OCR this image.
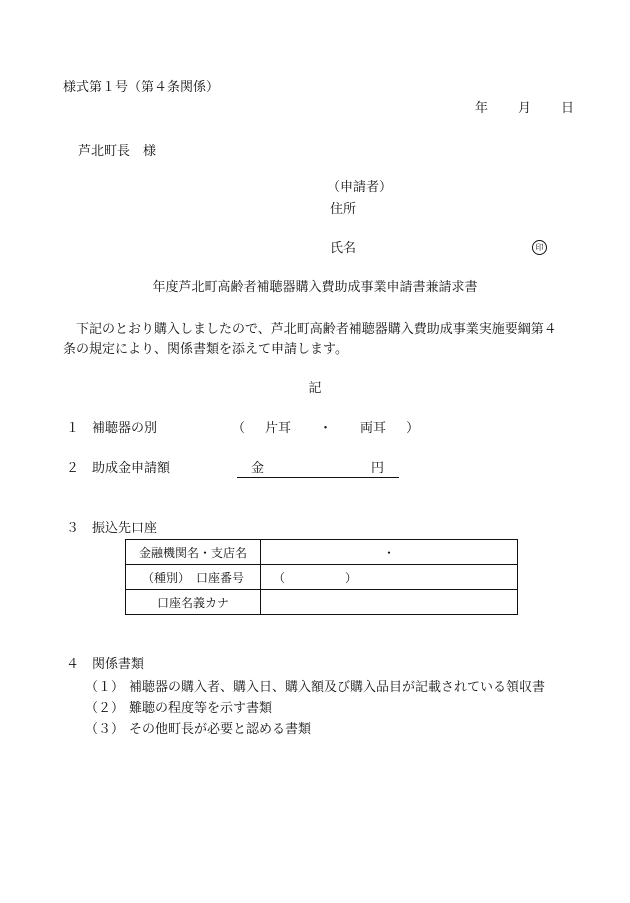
様式第１号（第４条関係）
年 月 日
芦北町長　様
（申請者）
住所
氏名	印
年度芦北町高齢者補聴器購入費助成事業申請書兼請求書
　下記のとおり購入しましたので、芦北町高齢者補聴器購入費助成事業実施要綱第４条の規定により、関係書類を添えて申請します。
記
１ 補聴器の別	（ 片耳 ・ 両耳 ）
２ 助成金申請額	金	円
３ 振込先口座
金融機関名・支店名	・
（種別）　口座番号	（　　　　　）
口座名義カナ	
４ 関係書類
（１） 補聴器の購入者、購入日、購入額及び購入品目が記載されている領収書
（２） 難聴の程度等を示す書類
（３） その他町長が必要と認める書類
